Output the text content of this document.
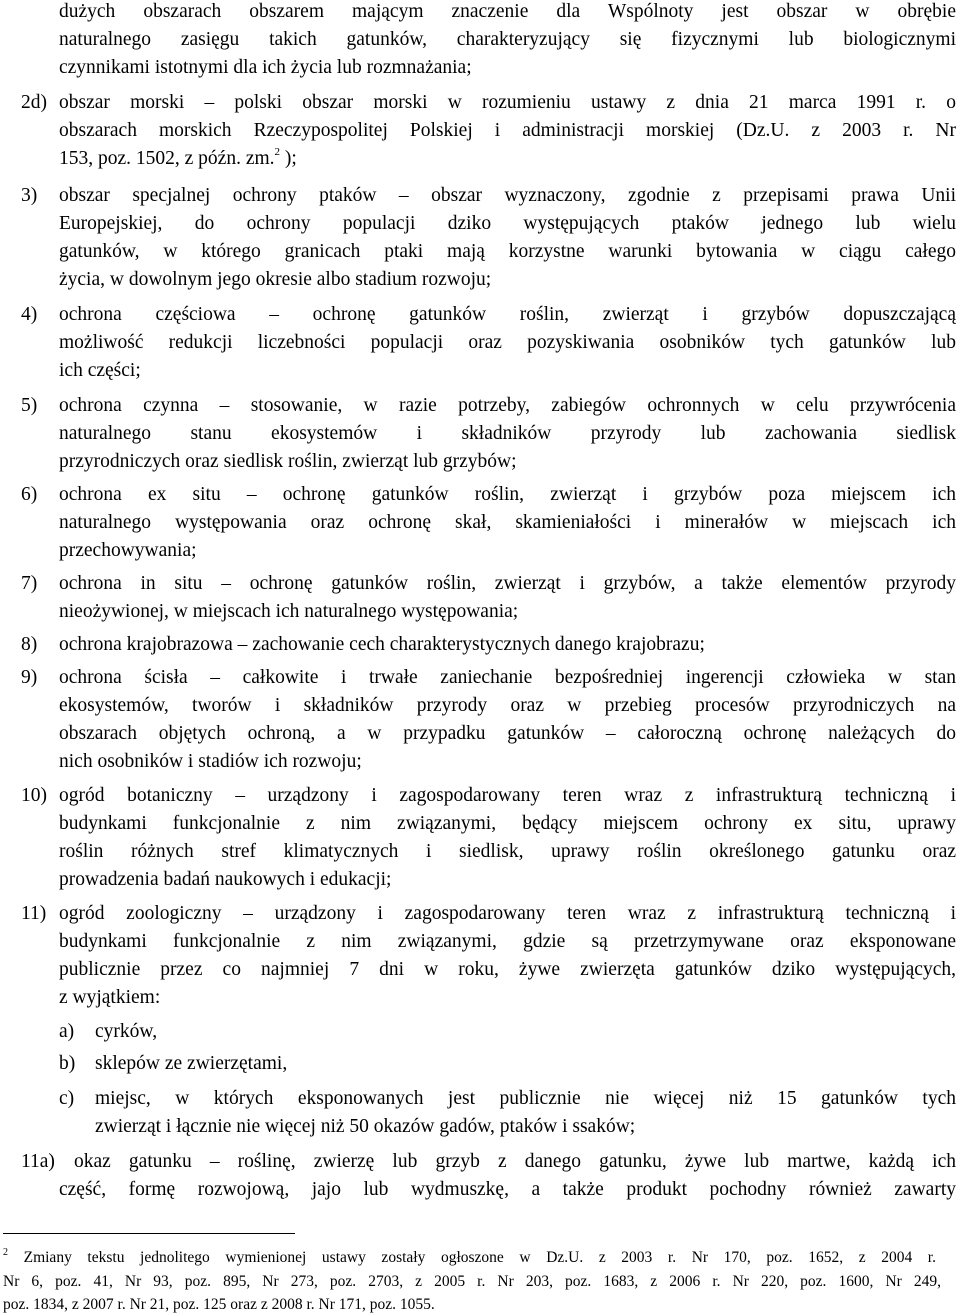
dużych obszarach obszarem mającym znaczenie dla Wspólnoty jest obszar w obrębie
naturalnego zasięgu takich gatunków, charakteryzujący się fizycznymi lub biologicznymi
czynnikami istotnymi dla ich życia lub rozmnażania;
2d) obszar morski – polski obszar morski w rozumieniu ustawy z dnia 21 marca 1991 r. o
obszarach morskich Rzeczypospolitej Polskiej i administracji morskiej (Dz.U. z 2003 r. Nr
153, poz. 1502, z późn. zm.$^2$ );
3) obszar specjalnej ochrony ptaków – obszar wyznaczony, zgodnie z przepisami prawa Unii
Europejskiej, do ochrony populacji dziko występujących ptaków jednego lub wielu
gatunków, w którego granicach ptaki mają korzystne warunki bytowania w ciągu całego
życia, w dowolnym jego okresie albo stadium rozwoju;
4) ochrona częściowa – ochronę gatunków roślin, zwierząt i grzybów dopuszczającą
możliwość redukcji liczebności populacji oraz pozyskiwania osobników tych gatunków lub
ich części;
5) ochrona czynna – stosowanie, w razie potrzeby, zabiegów ochronnych w celu przywrócenia
naturalnego stanu ekosystemów i składników przyrody lub zachowania siedlisk
przyrodniczych oraz siedlisk roślin, zwierząt lub grzybów;
6) ochrona ex situ – ochronę gatunków roślin, zwierząt i grzybów poza miejscem ich
naturalnego występowania oraz ochronę skał, skamieniałości i minerałów w miejscach ich
przechowywania;
7) ochrona in situ – ochronę gatunków roślin, zwierząt i grzybów, a także elementów przyrody
nieożywionej, w miejscach ich naturalnego występowania;
8) ochrona krajobrazowa – zachowanie cech charakterystycznych danego krajobrazu;
9) ochrona ścisła – całkowite i trwałe zaniechanie bezpośredniej ingerencji człowieka w stan
ekosystemów, tworów i składników przyrody oraz w przebieg procesów przyrodniczych na
obszarach objętych ochroną, a w przypadku gatunków – całoroczną ochronę należących do
nich osobników i stadiów ich rozwoju;
10) ogród botaniczny – urządzony i zagospodarowany teren wraz z infrastrukturą techniczną i
budynkami funkcjonalnie z nim związanymi, będący miejscem ochrony ex situ, uprawy
roślin różnych stref klimatycznych i siedlisk, uprawy roślin określonego gatunku oraz
prowadzenia badań naukowych i edukacji;
11) ogród zoologiczny – urządzony i zagospodarowany teren wraz z infrastrukturą techniczną i
budynkami funkcjonalnie z nim związanymi, gdzie są przetrzymywane oraz eksponowane
publicznie przez co najmniej 7 dni w roku, żywe zwierzęta gatunków dziko występujących,
z wyjątkiem:
a) cyrków,
b) sklepów ze zwierzętami,
c) miejsc, w których eksponowanych jest publicznie nie więcej niż 15 gatunków tych
zwierząt i łącznie nie więcej niż 50 okazów gadów, ptaków i ssaków;
11a) okaz gatunku – roślinę, zwierzę lub grzyb z danego gatunku, żywe lub martwe, każdą ich
część, formę rozwojową, jajo lub wydmuszkę, a także produkt pochodny również zawarty
$^2$ Zmiany tekstu jednolitego wymienionej ustawy zostały ogłoszone w Dz.U. z 2003 r. Nr 170, poz. 1652, z 2004 r.
Nr 6, poz. 41, Nr 93, poz. 895, Nr 273, poz. 2703, z 2005 r. Nr 203, poz. 1683, z 2006 r. Nr 220, poz. 1600, Nr 249,
poz. 1834, z 2007 r. Nr 21, poz. 125 oraz z 2008 r. Nr 171, poz. 1055.
